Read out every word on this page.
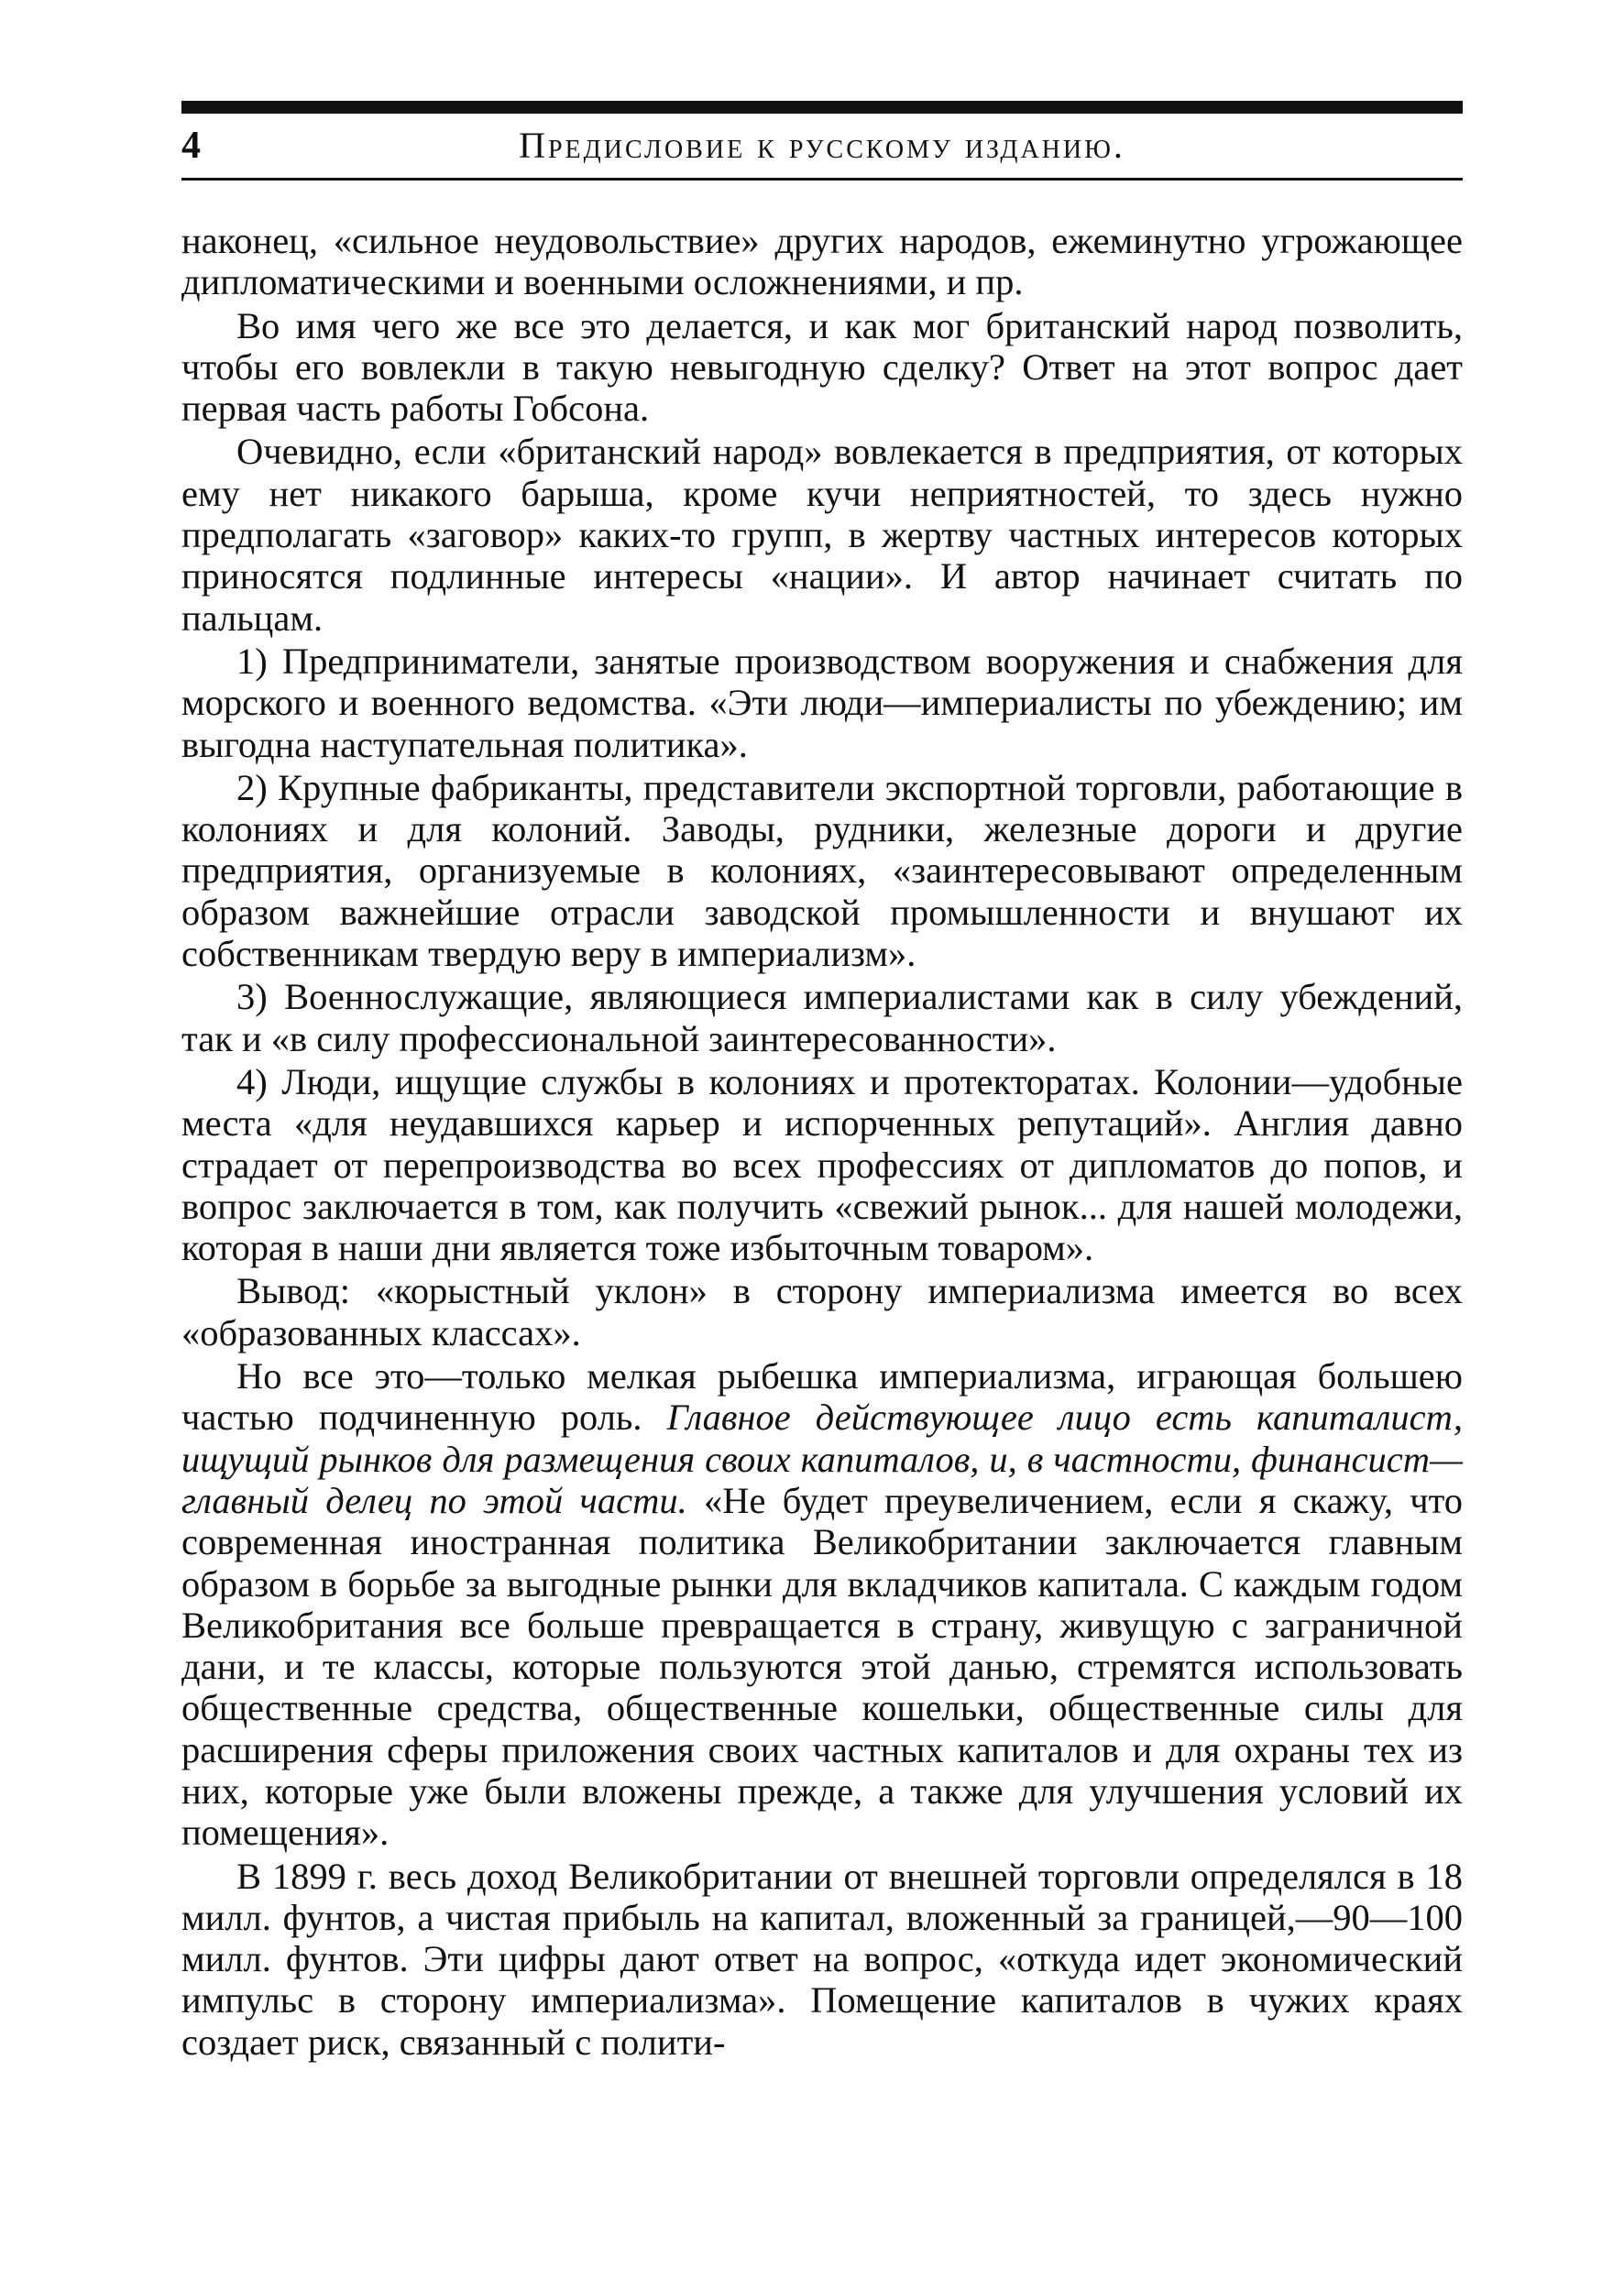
4	Предисловие к русскому изданию.

наконец, «сильное неудовольствие» других народов, ежеминутно угрожающее дипломатическими и военными осложнениями, и пр.

Во имя чего же все это делается, и как мог британский народ позволить, чтобы его вовлекли в такую невыгодную сделку? Ответ на этот вопрос дает первая часть работы Гобсона.

Очевидно, если «британский народ» вовлекается в предприятия, от которых ему нет никакого барыша, кроме кучи неприятностей, то здесь нужно предполагать «заговор» каких-то групп, в жертву частных интересов которых приносятся подлинные интересы «нации». И автор начинает считать по пальцам.

1) Предприниматели, занятые производством вооружения и снабжения для морского и военного ведомства. «Эти люди—империалисты по убеждению; им выгодна наступательная политика».

2) Крупные фабриканты, представители экспортной торговли, работающие в колониях и для колоний. Заводы, рудники, железные дороги и другие предприятия, организуемые в колониях, «заинтересовывают определенным образом важнейшие отрасли заводской промышленности и внушают их собственникам твердую веру в империализм».

3) Военнослужащие, являющиеся империалистами как в силу убеждений, так и «в силу профессиональной заинтересованности».

4) Люди, ищущие службы в колониях и протекторатах. Колонии—удобные места «для неудавшихся карьер и испорченных репутаций». Англия давно страдает от перепроизводства во всех профессиях от дипломатов до попов, и вопрос заключается в том, как получить «свежий рынок... для нашей молодежи, которая в наши дни является тоже избыточным товаром».

Вывод: «корыстный уклон» в сторону империализма имеется во всех «образованных классах».

Но все это—только мелкая рыбешка империализма, играющая большею частью подчиненную роль. Главное действующее лицо есть капиталист, ищущий рынков для размещения своих капиталов, и, в частности, финансист—главный делец по этой части. «Не будет преувеличением, если я скажу, что современная иностранная политика Великобритании заключается главным образом в борьбе за выгодные рынки для вкладчиков капитала. С каждым годом Великобритания все больше превращается в страну, живущую с заграничной дани, и те классы, которые пользуются этой данью, стремятся использовать общественные средства, общественные кошельки, общественные силы для расширения сферы приложения своих частных капиталов и для охраны тех из них, которые уже были вложены прежде, а также для улучшения условий их помещения».

В 1899 г. весь доход Великобритании от внешней торговли определялся в 18 милл. фунтов, а чистая прибыль на капитал, вложенный за границей,—90—100 милл. фунтов. Эти цифры дают ответ на вопрос, «откуда идет экономический импульс в сторону империализма». Помещение капиталов в чужих краях создает риск, связанный с полити-
